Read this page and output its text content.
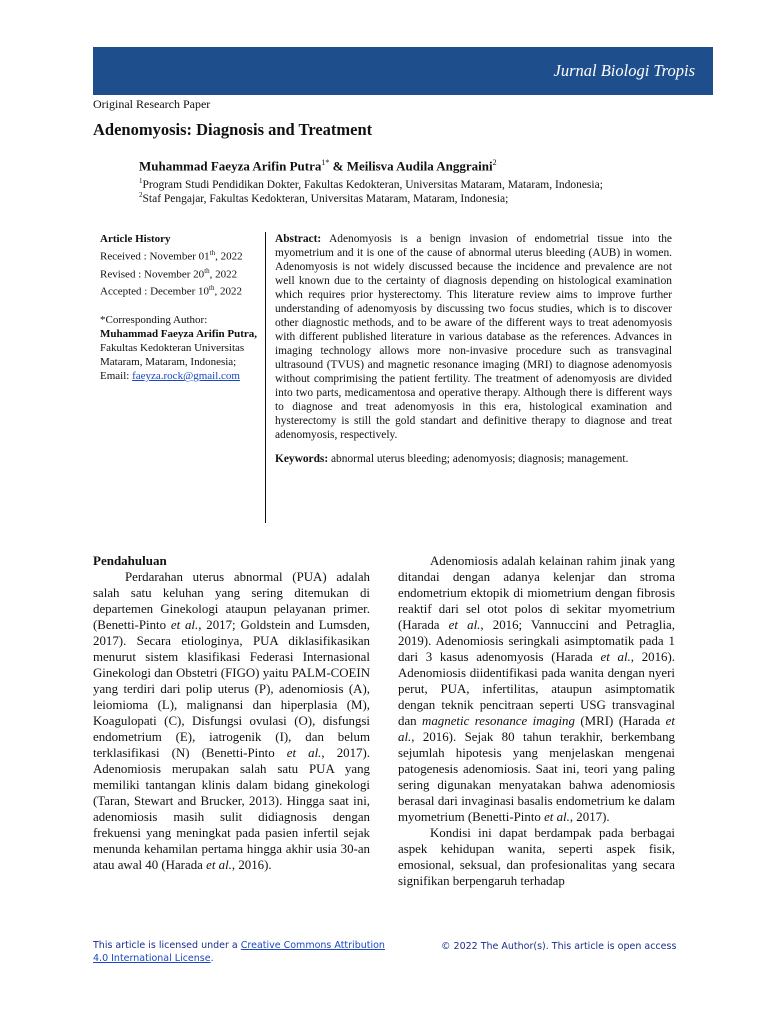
Jurnal Biologi Tropis
Original Research Paper
Adenomyosis: Diagnosis and Treatment
Muhammad Faeyza Arifin Putra$^{1*}$ & Meilisva Audila Anggraini$^2$
$^1$Program Studi Pendidikan Dokter, Fakultas Kedokteran, Universitas Mataram, Mataram, Indonesia;
$^2$Staf Pengajar, Fakultas Kedokteran, Universitas Mataram, Mataram, Indonesia;
Article History
Received : November 01th, 2022
Revised : November 20th, 2022
Accepted : December 10th, 2022
*Corresponding Author:
Muhammad Faeyza Arifin Putra,
Fakultas Kedokteran Universitas Mataram, Mataram, Indonesia;
Email: faeyza.rock@gmail.com
Abstract: Adenomyosis is a benign invasion of endometrial tissue into the myometrium and it is one of the cause of abnormal uterus bleeding (AUB) in women. Adenomyosis is not widely discussed because the incidence and prevalence are not well known due to the certainty of diagnosis depending on histological examination which requires prior hysterectomy. This literature review aims to improve further understanding of adenomyosis by discussing two focus studies, which is to discover other diagnostic methods, and to be aware of the different ways to treat adenomyosis with different published literature in various database as the references. Advances in imaging technology allows more non-invasive procedure such as transvaginal ultrasound (TVUS) and magnetic resonance imaging (MRI) to diagnose adenomyosis without comprimising the patient fertility. The treatment of adenomyosis are divided into two parts, medicamentosa and operative therapy. Although there is different ways to diagnose and treat adenomyosis in this era, histological examination and hysterectomy is still the gold standart and definitive therapy to diagnose and treat adenomyosis, respectively.
Keywords: abnormal uterus bleeding; adenomyosis; diagnosis; management.

Pendahuluan

Perdarahan uterus abnormal (PUA) adalah salah satu keluhan yang sering ditemukan di departemen Ginekologi ataupun pelayanan primer.(Benetti-Pinto et al., 2017; Goldstein and Lumsden, 2017). Secara etiologinya, PUA diklasifikasikan menurut sistem klasifikasi Federasi Internasional Ginekologi dan Obstetri (FIGO) yaitu PALM-COEIN yang terdiri dari polip uterus (P), adenomiosis (A), leiomioma (L), malignansi dan hiperplasia (M), Koagulopati (C), Disfungsi ovulasi (O), disfungsi endometrium (E), iatrogenik (I), dan belum terklasifikasi (N) (Benetti-Pinto et al., 2017). Adenomiosis merupakan salah satu PUA yang memiliki tantangan klinis dalam bidang ginekologi (Taran, Stewart and Brucker, 2013). Hingga saat ini, adenomiosis masih sulit didiagnosis dengan frekuensi yang meningkat pada pasien infertil sejak menunda kehamilan pertama hingga akhir usia 30-an atau awal 40 (Harada et al., 2016).

Adenomiosis adalah kelainan rahim jinak yang ditandai dengan adanya kelenjar dan stroma endometrium ektopik di miometrium dengan fibrosis reaktif dari sel otot polos di sekitar myometrium (Harada et al., 2016; Vannuccini and Petraglia, 2019). Adenomiosis seringkali asimptomatik pada 1 dari 3 kasus adenomyosis (Harada et al., 2016). Adenomiosis diidentifikasi pada wanita dengan nyeri perut, PUA, infertilitas, ataupun asimptomatik dengan teknik pencitraan seperti USG transvaginal dan magnetic resonance imaging (MRI) (Harada et al., 2016). Sejak 80 tahun terakhir, berkembang sejumlah hipotesis yang menjelaskan mengenai patogenesis adenomiosis. Saat ini, teori yang paling sering digunakan menyatakan bahwa adenomiosis berasal dari invaginasi basalis endometrium ke dalam myometrium (Benetti-Pinto et al., 2017).

Kondisi ini dapat berdampak pada berbagai aspek kehidupan wanita, seperti aspek fisik, emosional, seksual, dan profesionalitas yang secara signifikan berpengaruh terhadap

This article is licensed under a Creative Commons Attribution 4.0 International License.
© 2022 The Author(s). This article is open access
